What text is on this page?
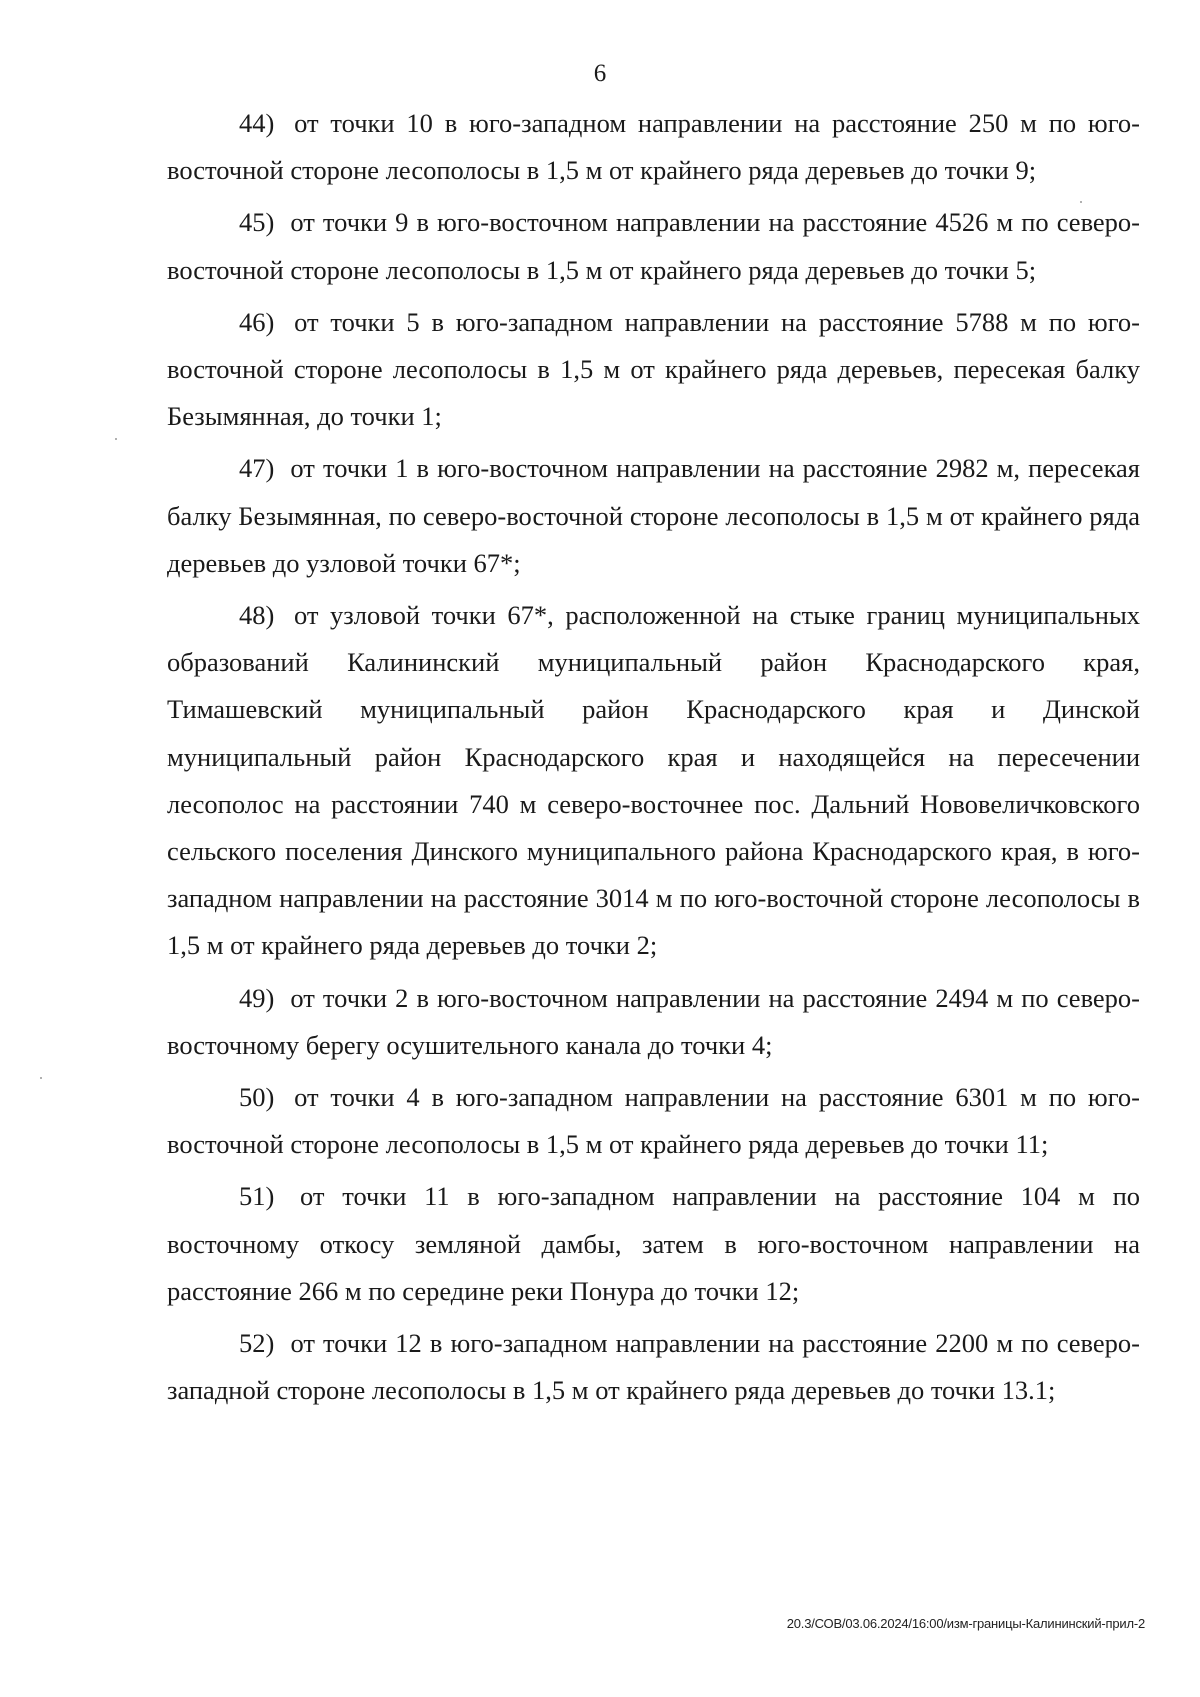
6

44) от точки 10 в юго-западном направлении на расстояние 250 м по юго-восточной стороне лесополосы в 1,5 м от крайнего ряда деревьев до точки 9;

45) от точки 9 в юго-восточном направлении на расстояние 4526 м по северо-восточной стороне лесополосы в 1,5 м от крайнего ряда деревьев до точки 5;

46) от точки 5 в юго-западном направлении на расстояние 5788 м по юго-восточной стороне лесополосы в 1,5 м от крайнего ряда деревьев, пересекая балку Безымянная, до точки 1;

47) от точки 1 в юго-восточном направлении на расстояние 2982 м, пересекая балку Безымянная, по северо-восточной стороне лесополосы в 1,5 м от крайнего ряда деревьев до узловой точки 67*;

48) от узловой точки 67*, расположенной на стыке границ муниципальных образований Калининский муниципальный район Краснодарского края, Тимашевский муниципальный район Краснодарского края и Динской муниципальный район Краснодарского края и находящейся на пересечении лесополос на расстоянии 740 м северо-восточнее пос. Дальний Нововеличковского сельского поселения Динского муниципального района Краснодарского края, в юго-западном направлении на расстояние 3014 м по юго-восточной стороне лесополосы в 1,5 м от крайнего ряда деревьев до точки 2;

49) от точки 2 в юго-восточном направлении на расстояние 2494 м по северо-восточному берегу осушительного канала до точки 4;

50) от точки 4 в юго-западном направлении на расстояние 6301 м по юго-восточной стороне лесополосы в 1,5 м от крайнего ряда деревьев до точки 11;

51) от точки 11 в юго-западном направлении на расстояние 104 м по восточному откосу земляной дамбы, затем в юго-восточном направлении на расстояние 266 м по середине реки Понура до точки 12;

52) от точки 12 в юго-западном направлении на расстояние 2200 м по северо-западной стороне лесополосы в 1,5 м от крайнего ряда деревьев до точки 13.1;

20.3/СОВ/03.06.2024/16:00/изм-границы-Калининский-прил-2
